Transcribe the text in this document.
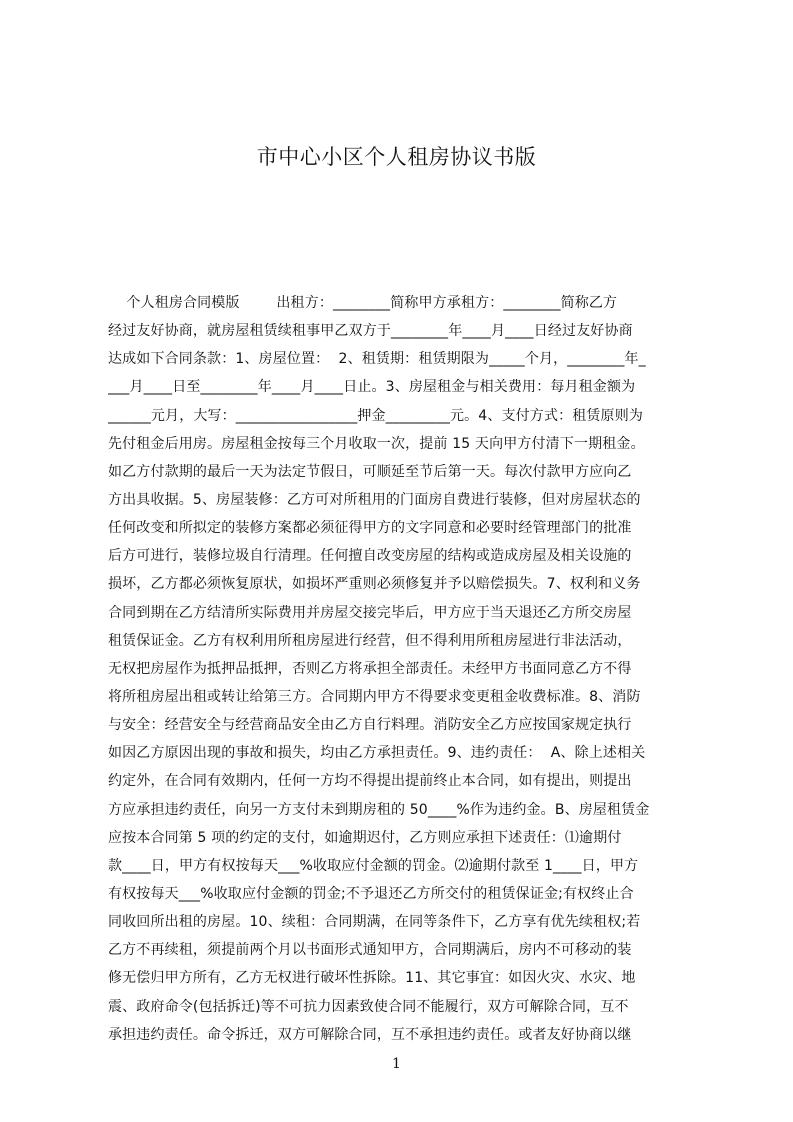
市中心小区个人租房协议书版
个人租房合同模版        出租方：________简称甲方承租方：________简称乙方
经过友好协商，就房屋租赁续租事甲乙双方于________年____月____日经过友好协商
达成如下合同条款：1、房屋位置：  2、租赁期：租赁期限为_____个月，________年_
___月____日至________年____月____日止。3、房屋租金与相关费用：每月租金额为
______元月，大写：_________________押金_________元。4、支付方式：租赁原则为
先付租金后用房。房屋租金按每三个月收取一次，提前 15 天向甲方付清下一期租金。
如乙方付款期的最后一天为法定节假日，可顺延至节后第一天。每次付款甲方应向乙
方出具收据。5、房屋装修：乙方可对所租用的门面房自费进行装修，但对房屋状态的
任何改变和所拟定的装修方案都必须征得甲方的文字同意和必要时经管理部门的批准
后方可进行，装修垃圾自行清理。任何擅自改变房屋的结构或造成房屋及相关设施的
损坏，乙方都必须恢复原状，如损坏严重则必须修复并予以赔偿损失。7、权利和义务
合同到期在乙方结清所实际费用并房屋交接完毕后，甲方应于当天退还乙方所交房屋
租赁保证金。乙方有权利用所租房屋进行经营，但不得利用所租房屋进行非法活动，
无权把房屋作为抵押品抵押，否则乙方将承担全部责任。未经甲方书面同意乙方不得
将所租房屋出租或转让给第三方。合同期内甲方不得要求变更租金收费标准。8、消防
与安全：经营安全与经营商品安全由乙方自行料理。消防安全乙方应按国家规定执行
如因乙方原因出现的事故和损失，均由乙方承担责任。9、违约责任：  A、除上述相关
约定外，在合同有效期内，任何一方均不得提出提前终止本合同，如有提出，则提出
方应承担违约责任，向另一方支付未到期房租的 50____%作为违约金。B、房屋租赁金
应按本合同第 5 项的约定的支付，如逾期迟付，乙方则应承担下述责任：⑴逾期付
款____日，甲方有权按每天___%收取应付金额的罚金。⑵逾期付款至 1____日，甲方
有权按每天___%收取应付金额的罚金;不予退还乙方所交付的租赁保证金;有权终止合
同收回所出租的房屋。10、续租：合同期满，在同等条件下，乙方享有优先续租权;若
乙方不再续租，须提前两个月以书面形式通知甲方，合同期满后，房内不可移动的装
修无偿归甲方所有，乙方无权进行破坏性拆除。11、其它事宜：如因火灾、水灾、地
震、政府命令(包括拆迁)等不可抗力因素致使合同不能履行，双方可解除合同，互不
承担违约责任。命令拆迁，双方可解除合同，互不承担违约责任。或者友好协商以继
1
